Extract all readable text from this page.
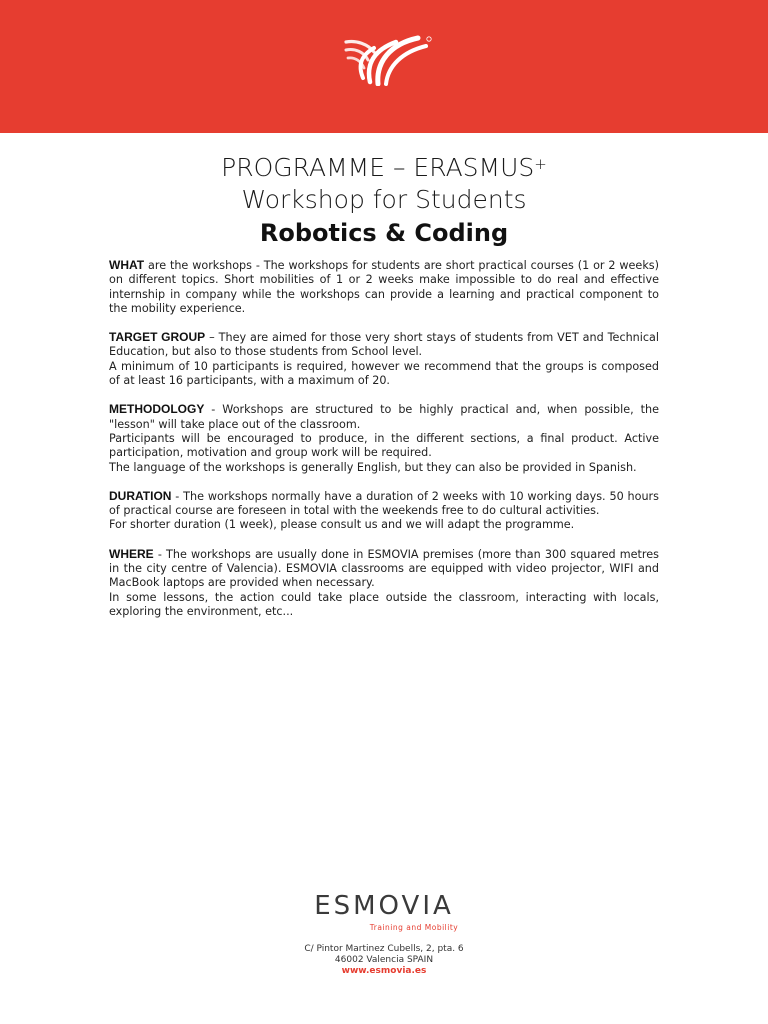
PROGRAMME – ERASMUS+
Workshop for Students
Robotics & Coding

WHAT are the workshops - The workshops for students are short practical courses (1 or 2 weeks) on different topics. Short mobilities of 1 or 2 weeks make impossible to do real and effective internship in company while the workshops can provide a learning and practical component to the mobility experience.

TARGET GROUP – They are aimed for those very short stays of students from VET and Technical Education, but also to those students from School level.
A minimum of 10 participants is required, however we recommend that the groups is composed of at least 16 participants, with a maximum of 20.

METHODOLOGY - Workshops are structured to be highly practical and, when possible, the "lesson" will take place out of the classroom.
Participants will be encouraged to produce, in the different sections, a final product. Active participation, motivation and group work will be required.
The language of the workshops is generally English, but they can also be provided in Spanish.

DURATION - The workshops normally have a duration of 2 weeks with 10 working days. 50 hours of practical course are foreseen in total with the weekends free to do cultural activities.
For shorter duration (1 week), please consult us and we will adapt the programme.

WHERE - The workshops are usually done in ESMOVIA premises (more than 300 squared metres in the city centre of Valencia). ESMOVIA classrooms are equipped with video projector, WIFI and MacBook laptops are provided when necessary.
In some lessons, the action could take place outside the classroom, interacting with locals, exploring the environment, etc...

ESMOVIA
Training and Mobility
C/ Pintor Martinez Cubells, 2, pta. 6
46002 Valencia SPAIN
www.esmovia.es
